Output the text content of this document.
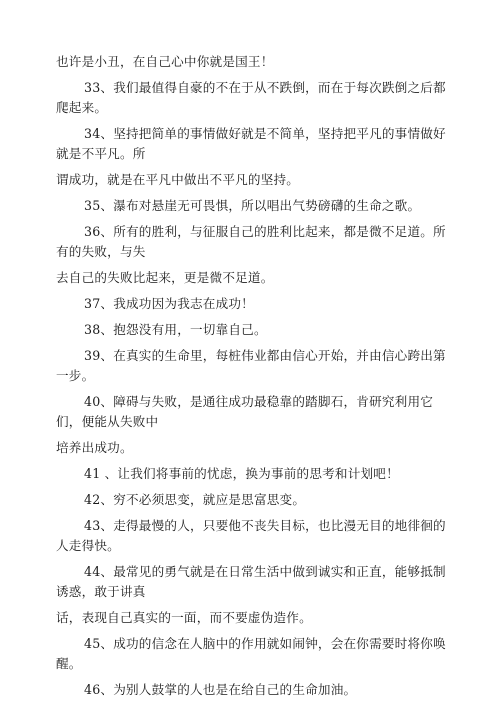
也许是小丑，在自己心中你就是国王！

33、我们最值得自豪的不在于从不跌倒，而在于每次跌倒之后都爬起来。

34、坚持把简单的事情做好就是不简单，坚持把平凡的事情做好就是不平凡。所

谓成功，就是在平凡中做出不平凡的坚持。

35、瀑布对悬崖无可畏惧，所以唱出气势磅礴的生命之歌。

36、所有的胜利，与征服自己的胜利比起来，都是微不足道。所有的失败，与失

去自己的失败比起来，更是微不足道。

37、我成功因为我志在成功！

38、抱怨没有用，一切靠自己。

39、在真实的生命里，每桩伟业都由信心开始，并由信心跨出第一步。

40、障碍与失败，是通往成功最稳靠的踏脚石，肯研究利用它们，便能从失败中

培养出成功。

41 、让我们将事前的忧虑，换为事前的思考和计划吧！

42、穷不必须思变，就应是思富思变。

43、走得最慢的人，只要他不丧失目标，也比漫无目的地徘徊的人走得快。

44、最常见的勇气就是在日常生活中做到诚实和正直，能够抵制诱惑，敢于讲真

话，表现自己真实的一面，而不要虚伪造作。

45、成功的信念在人脑中的作用就如闹钟，会在你需要时将你唤醒。

46、为别人鼓掌的人也是在给自己的生命加油。
